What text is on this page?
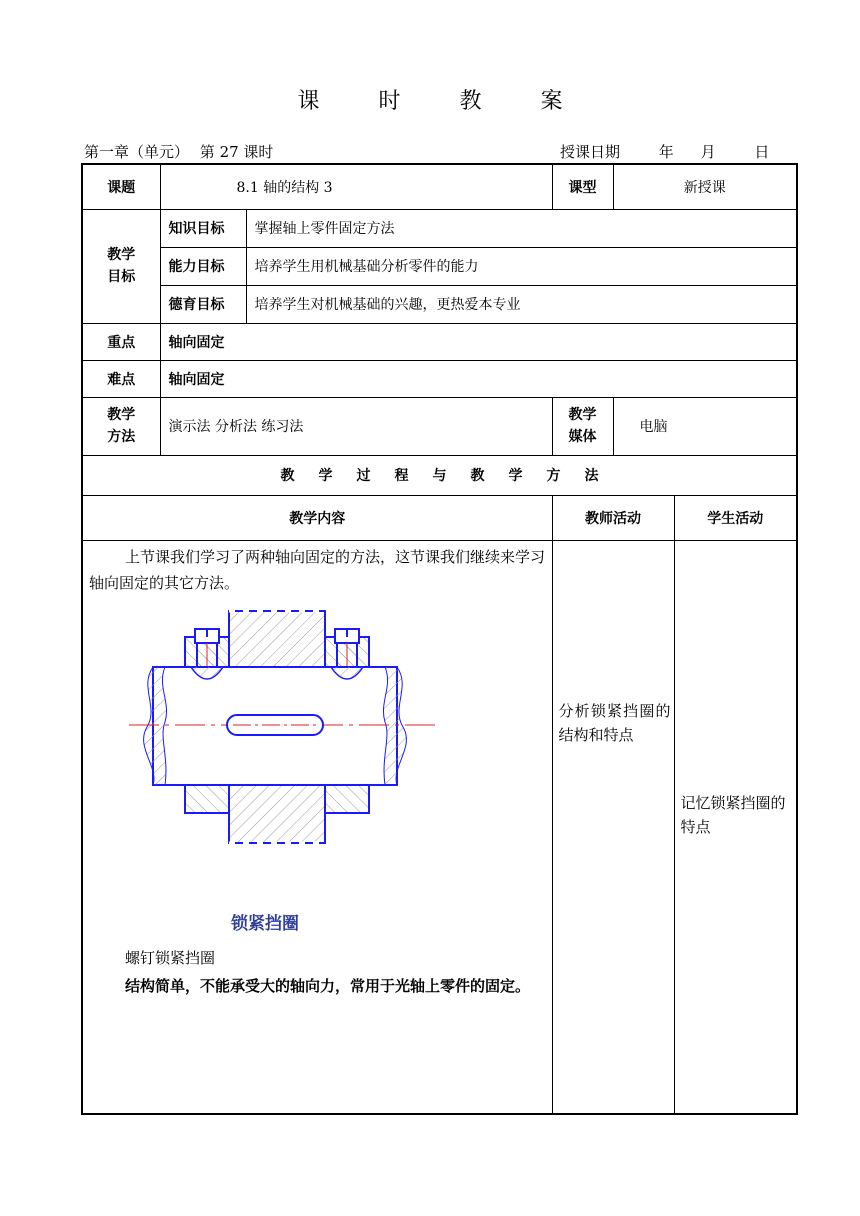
课 时 教 案
第一章（单元） 第 27 课时	授课日期	年 月	日
课题	8.1 轴的结构 3		课型	新授课	

教学目标	知识目标	掌握轴上零件固定方法			
	能力目标	培养学生用机械基础分析零件的能力			
	德育目标	培养学生对机械基础的兴趣，更热爱本专业			
重点	轴向固定				
难点	轴向固定				

教学方法	演示法 分析法 练习法		教学媒体	电脑	
教学过程与教学方法					
教学内容			教师活动		学生活动

上节课我们学习了两种轴向固定的方法，这节课我们继续来学习轴向固定的其它方法。
锁紧挡圈
螺钉锁紧挡圈
结构简单，不能承受大的轴向力，常用于光轴上零件的固定。			分析锁紧挡圈的结构和特点		记忆锁紧挡圈的特点
